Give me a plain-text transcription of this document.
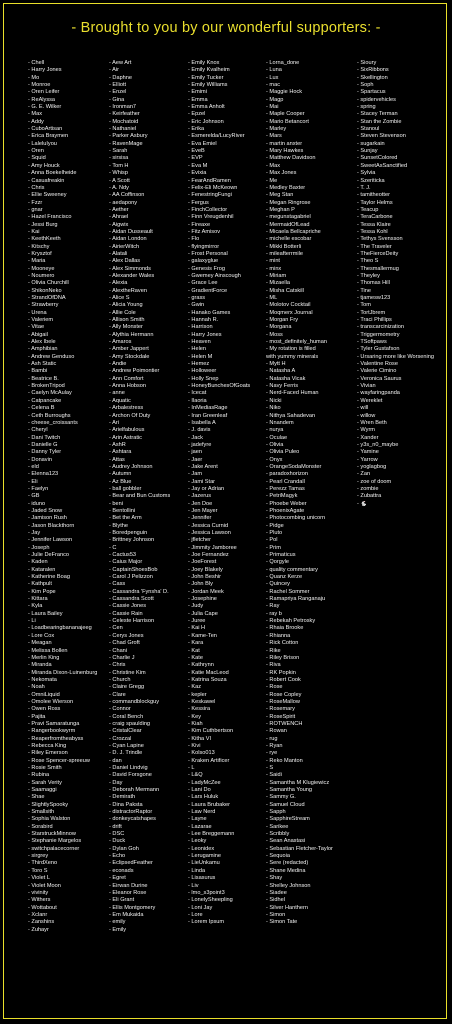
- Brought to you by our wonderful supporters: -
- Chell
- Harry Jones
- Mo
- Monroe
- Oren Leifer
- ReAlyssa
- G. E. Wilker
- Max
- Addy
- CuboArtisan
- Erica Braymen
- LaleluIyou
- Oren
- Squid
- Amy Houck
- Anna Boekelheide
- Casuafreakin
- Chris
- Ellie Sweeney
- Fzzr
- gnar
- Hazel Francisco
- Jessi Burg
- Kai
- KeethKeeth
- Kitschy
- Krysztof
- Maria
- Mooneye
- Noumero
- Olivia Churchill
- ShikonNeko
- StrandOfDNA
- Strawberry
- Urena
- Valeriem
- Vitae
- Abigail
- Alex Ibele
- Amphibian
- Andrew Genduso
- Ash Static
- Bambi
- Beatrice B.
- BrokenTripod
- Caelyn McAulay
- Catpancake
- Celena B
- Ceth Burroughs
- cheese_croissants
- Cheryl
- Dani Twitch
- Danielle G
- Danny Tyler
- Donavin
- eld
- Elenna123
- Eli
- Faelyn
- GB
- iduno
- Jaded Snow
- Jamison Rush
- Jason Blackthorn
- Jay
- Jennifer Lawson
- Joseph
- Julie DeFranco
- Kaden
- Kataralen
- Katherine Boag
- Kathpult
- Kim Pope
- Kittara
- Kyla
- Laura Bailey
- Li
- Loadbearingbananajeeg
- Lore Cox
- Meagan
- Melissa Bollen
- Merlin King
- Miranda
- Miranda Dixon-Luinenburg
- Nekomata
- Noah
- OmniLiquid
- Omolee Wierson
- Owen Ross
- Pajita
- Pravi Samaratunga
- Rangerbookwyrm
- Reaperfromtheabyss
- Rebecca King
- Riley Emerson
- Rose Spencer-spreeuw
- Rosie Smith
- Rubina
- Sarah Verity
- Saamaggi
- Shae
- SlightlySpooky
- Smallsith
- Sophia Walston
- Sorabird
- StarstruckMinnow
- Stephanie Margelos
- switchpalacecorner
- sirgrey
- ThirdXeno
- Toro S
- Violet L
- Violet Moon
- vivinity
- Withers
- Wottabout
- Xclanr
- Zanshins
- Zuhayr
- Aew Art
- Air
- Daphne
- Elliott
- Enzel
- Gina
- Ironman7
- Keirfeather
- Mochatoid
- Nathaniel
- Parker Asbury
- RavenMage
- Sarah
- sirsisa
- Tom H
- Whisp
- A Scott
- A. Ndy
- AA Coffinson
- aedapony
- Aether
- Ahrael
- Aigwix
- Aidan Dusseault
- Aidan London
- AirierWitch
- Alatali
- Alex Dallas
- Alex Simmonds
- Alexander Wales
- Alexia
- AlextheRaven
- Alice S
- Alicia Young
- Allie Cole
- Allison Smith
- Ally Monster
- Alythia Hermann
- Amaros
- Amber Jappert
- Amy Stockdale
- Andie
- Andrew Poimontier
- Ann Comfort
- Anna Hobson
- anne
- Aquatic
- Arbalestress
- Archon Of Duty
- Ari
- Arielfabulous
- Arin Astratic
- AshR
- Ashtara
- Attas
- Audrey Johnson
- Autumn
- Az Blue
- ball gobbler
- Bear and Bun Customs
- beni
- Bentollini
- Bet the Arm
- Blythe
- Boredpenguin
- Brittney Johnson
- C
- Cactus53
- Caius Major
- CaptainShoesBob
- Carol J Pelizzon
- Cass
- Cassandra 'Fynsha' D.
- Cassandra Scott
- Cassie Jones
- Cassie Rain
- Celeste Harrison
- Cen
- Cerys Jones
- Chad Groft
- Chani
- Charlie J
- Chris
- Christine Kim
- Church
- Claire Gregg
- Clare
- commandblockguy
- Connor
- Coral Bench
- craig spaulding
- CristalClear
- Crozzal
- Cyan Lapine
- D. J. Trindle
- dan
- Daniel Lindvig
- David Forsgone
- Day
- Deborah Mermann
- Demirath
- Dina Paksta
- distractorRaptor
- donkeycatshapes
- drift
- DSC
- Duck
- Dylan Goh
- Echo
- EclipsedFeather
- econads
- Egret
- Eirwan Durine
- Eleanor Rose
- Eli Grant
- Ellis Montgomery
- Em Mukaida
- emily
- Emily
- Emily Knox
- Emily Kvalheim
- Emily Tucker
- Emily Williams
- Emimi
- Emma
- Emma Anholt
- Epzel
- Eric Johnson
- Erika
- Esmerelda/LucyRiver
- Eva Emiel
- EveB
- EVP
- Eva M
- Evixia
- FearAndRamen
- Felix-Eli McKeown
- FenestringFungi
- Fergus
- FinchCollector
- Finn Vreugdenhil
- Fireaxe
- Fitz Amisov
- Flo
- flyingmirror
- Frost Personal
- galaxyglue
- Genesis Frog
- Gwemey Ainscough
- Grace Lee
- GradientForce
- grass
- Gwin
- Hanako Games
- Hannah R.
- Harrison
- Harry Jones
- Heaven
- Helen
- Helen M
- Hemez
- Holloweer
- Holly Snep
- HoneyBunchesOfGoats
- Icecat
- Ilaoria
- InMediasRage
- Iran Greenleaf
- Isabella A
- J. davis
- Jack
- jadefyre
- jaen
- Jaer
- Jake Arent
- Jam
- Jami Star
- Jay or Adrian
- Jazerus
- Jen Doe
- Jen Mayer
- Jennifer
- Jessica Curnid
- Jessica Lawson
- jfletcher
- Jimmity Jamboree
- Joe Fernandez
- JoeForest
- Joey Blakely
- John Beshir
- John Bly
- Jordan Meek
- Josephine
- Judy
- Julia Cape
- Juree
- Kai H
- Kame-Ten
- Kara
- Kat
- Kate
- Kathrynn
- Katie MacLeod
- Katrina Souza
- Kaz
- kepler
- Keskawel
- Kessira
- Key
- Kiah
- Kim Cuthbertson
- Kitha VI
- Kivi
- Kolso013
- Kraken Artificer
- L
- L&Q
- LadyMcZee
- Lani Do
- Lars Huluk
- Laura Brubaker
- Law Nerd
- Layne
- Lazarae
- Lee Breggemann
- Leoky
- Leonidex
- Lerugamine
- LieUnkamu
- Linda
- Lisasurus
- Liv
- lmo_s3point3
- LonelySheepling
- Loni Jay
- Lore
- Lorem Ipsum
- Lorna_done
- Luna
- Lux
- mac
- Maggie Hock
- Magp
- Mai
- Maple Cooper
- Mario Betancort
- Marley
- Mars
- martin anxter
- Mary Hawkes
- Matthew Davidson
- Max
- Max Jones
- Me
- Medley Baxter
- Meg Stan
- Megan Ringrose
- Meghan P
- megunstagabriel
- MermaidOfLead
- Micaela Bellcapriche
- michelle escobar
- Mikki Botterli
- mileafterrmile
- mint
- minx
- Miriam
- Mizaella
- Misha Catskill
- ML
- Molotov Cocktail
- Moqmerx Journal
- Morgan Fry
- Morgana
- Moss
- most_definitely_human
- My rotation is filled
with yummy minerals
- Mytt H
- Natasha A
- Natasha Vicak
- Navy Ferris
- Nerd-Faced Human
- Nicki
- Niko
- Nithya Sahadevan
- Nnandem
- nurya
- Oculae
- Olivia
- Olivia Puleo
- Onyx
- OrangeSodaMonster
- paradoxhorizon
- Pearl Crandall
- Perezz Tamas
- PetriMagyk
- Phoebe Weber
- PhoenixAgate
- Photocombing unicorn
- Pidge
- Pluto
- Pol
- Prim
- Primaticus
- Qorgyle
- quality commentary
- Quanz Kerze
- Quincey
- Rachel Sommer
- Ramapriya Ranganaju
- Ray
- ray b
- Rebekah Petrosky
- Rhaia Brooke
- Rhianna
- Rick Cotton
- Rike
- Riley Brison
- Riva
- RK Popkin
- Robert Cook
- Rose
- Rose Copley
- RoseMallow
- Rosemary
- RoseSpirit
- ROTWENCH
- Rowan
- rug
- Ryan
- rye
- Reko Manton
- S
- Saidi
- Samantha M Klugiewicz
- Samantha Young
- Sammy G.
- Samuel Cloud
- Sapph
- SapphireStream
- Sarikee
- Scribbly
- Sean Anastasi
- Sebastian Fletcher-Taylor
- Sequoia
- Sere (redacted)
- Shane Medina
- Shay
- Shelley Johnson
- Siadee
- Sidhel
- Silver Hanthern
- Simon
- Simon Tate
- Sioury
- SixRibbons
- Skellington
- Soph
- Spartacus
- spidervehicles
- spring
- Stacey Terman
- Stan the Zombie
- Stanoul
- Steven Stevenson
- sugarkain
- Sunjay
- SunsetColored
- SweetAsSanctified
- Sylvia
- Szeriticka
- T. J.
- tamitheotter
- Taylor Helms
- Teacup
- TeraCarbone
- Tessa Klaire
- Tessa Kohl
- Tethys Svensson
- The Traveler
- TheFierceDeity
- Theo S
- Thesmallermug
- Theyley
- Thomas Hill
- Tine
- tjamesw123
- Tom
- TortJbrem
- Traci Phillips
- transcarcinization
- Triggermometry
- TSoftpaws
- Tyler Gustafson
- Ursaring more like Worsening
- Valentine Rose
- Valerie Cimino
- Veronica Saurus
- Vivian
- wayfaringpanda
- Wereklet
- will
- willow
- Wren Beth
- Wyrm
- Xander
- y3s_n0_maybe
- Yamine
- Yarrow
- yoglagbog
- Zan
- zoe of doom
- zombie
- Zubattra
- 🐇
